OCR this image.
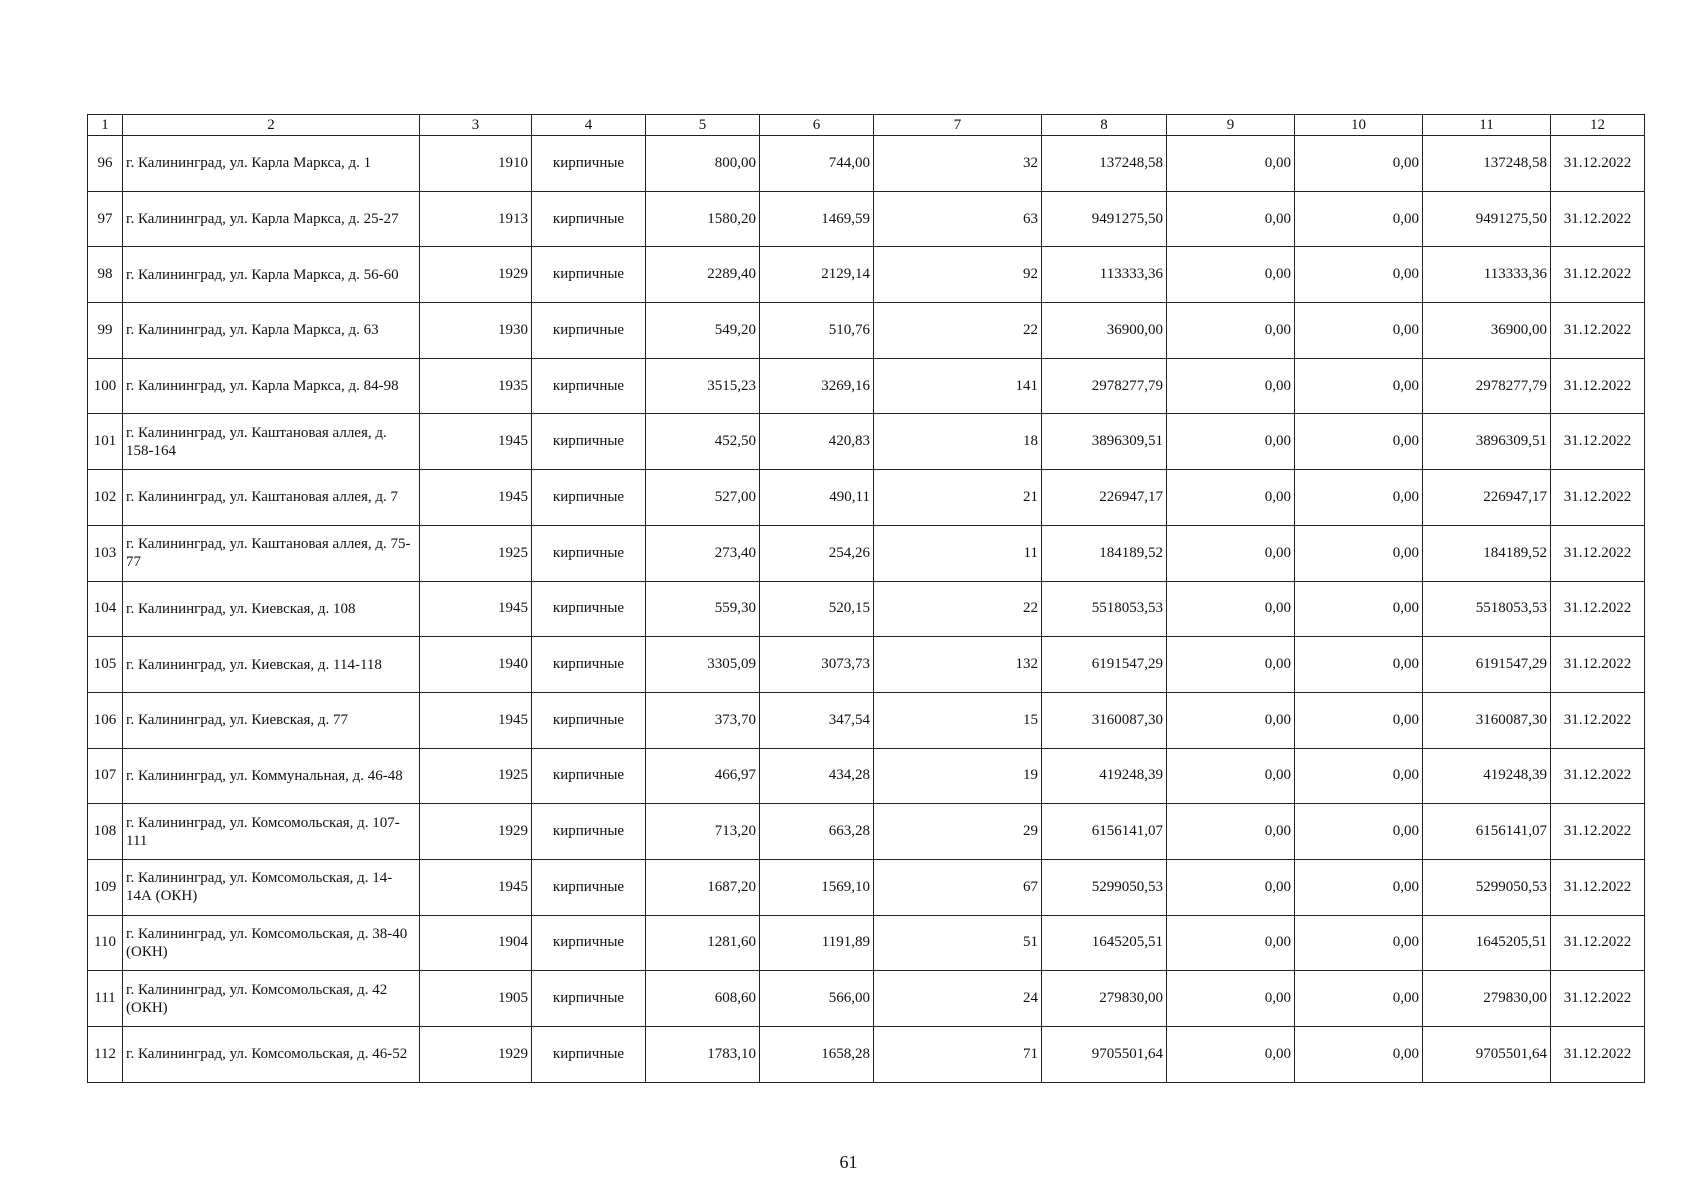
1	2	3	4	5	6	7	8	9	10	11	12
96	г. Калининград, ул. Карла Маркса, д. 1	1910	кирпичные	800,00	744,00	32	137248,58	0,00	0,00	137248,58	31.12.2022
97	г. Калининград, ул. Карла Маркса, д. 25-27	1913	кирпичные	1580,20	1469,59	63	9491275,50	0,00	0,00	9491275,50	31.12.2022
98	г. Калининград, ул. Карла Маркса, д. 56-60	1929	кирпичные	2289,40	2129,14	92	113333,36	0,00	0,00	113333,36	31.12.2022
99	г. Калининград, ул. Карла Маркса, д. 63	1930	кирпичные	549,20	510,76	22	36900,00	0,00	0,00	36900,00	31.12.2022
100	г. Калининград, ул. Карла Маркса, д. 84-98	1935	кирпичные	3515,23	3269,16	141	2978277,79	0,00	0,00	2978277,79	31.12.2022
101	г. Калининград, ул. Каштановая аллея, д. 158-164	1945	кирпичные	452,50	420,83	18	3896309,51	0,00	0,00	3896309,51	31.12.2022
102	г. Калининград, ул. Каштановая аллея, д. 7	1945	кирпичные	527,00	490,11	21	226947,17	0,00	0,00	226947,17	31.12.2022
103	г. Калининград, ул. Каштановая аллея, д. 75-77	1925	кирпичные	273,40	254,26	11	184189,52	0,00	0,00	184189,52	31.12.2022
104	г. Калининград, ул. Киевская, д. 108	1945	кирпичные	559,30	520,15	22	5518053,53	0,00	0,00	5518053,53	31.12.2022
105	г. Калининград, ул. Киевская, д. 114-118	1940	кирпичные	3305,09	3073,73	132	6191547,29	0,00	0,00	6191547,29	31.12.2022
106	г. Калининград, ул. Киевская, д. 77	1945	кирпичные	373,70	347,54	15	3160087,30	0,00	0,00	3160087,30	31.12.2022
107	г. Калининград, ул. Коммунальная, д. 46-48	1925	кирпичные	466,97	434,28	19	419248,39	0,00	0,00	419248,39	31.12.2022
108	г. Калининград, ул. Комсомольская, д. 107-111	1929	кирпичные	713,20	663,28	29	6156141,07	0,00	0,00	6156141,07	31.12.2022
109	г. Калининград, ул. Комсомольская, д. 14-14А (ОКН)	1945	кирпичные	1687,20	1569,10	67	5299050,53	0,00	0,00	5299050,53	31.12.2022
110	г. Калининград, ул. Комсомольская, д. 38-40 (ОКН)	1904	кирпичные	1281,60	1191,89	51	1645205,51	0,00	0,00	1645205,51	31.12.2022
111	г. Калининград, ул. Комсомольская, д. 42 (ОКН)	1905	кирпичные	608,60	566,00	24	279830,00	0,00	0,00	279830,00	31.12.2022
112	г. Калининград, ул. Комсомольская, д. 46-52	1929	кирпичные	1783,10	1658,28	71	9705501,64	0,00	0,00	9705501,64	31.12.2022
61
